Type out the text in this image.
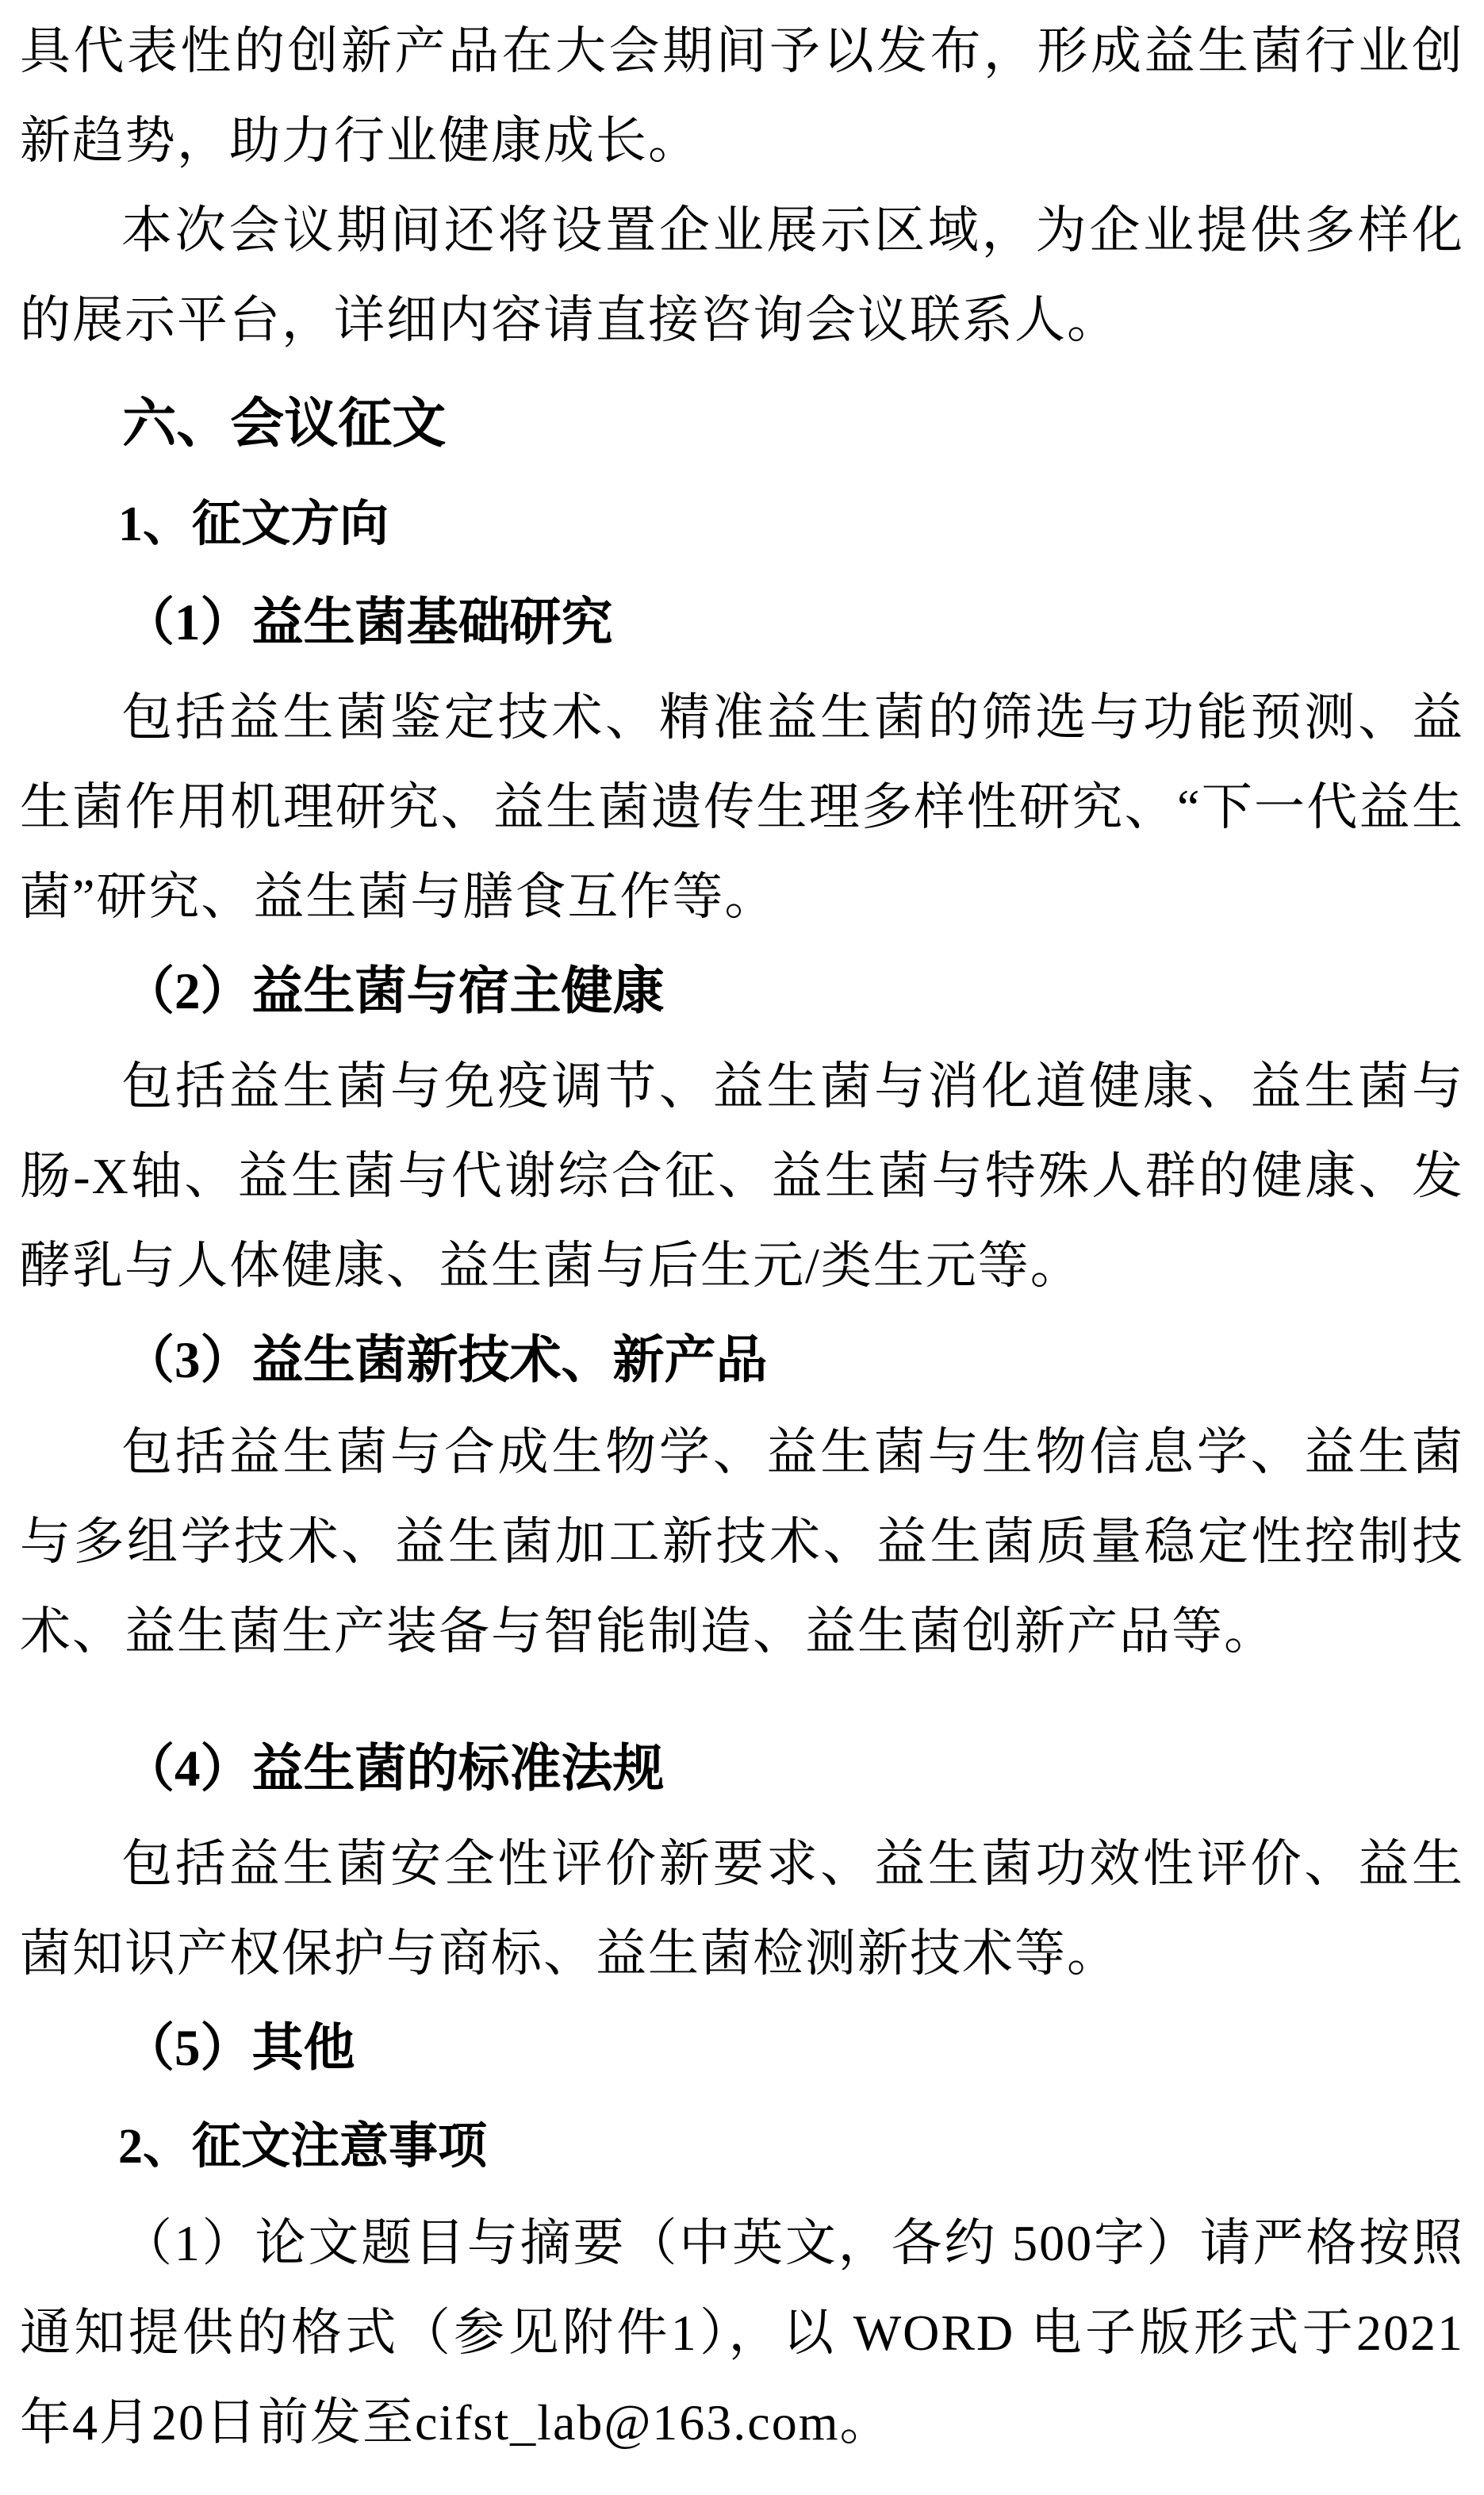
具代表性的创新产品在大会期间予以发布，形成益生菌行业创新趋势，助力行业健康成长。

本次会议期间还将设置企业展示区域，为企业提供多样化的展示平台，详细内容请直接咨询会议联系人。

六、会议征文
1、征文方向
（1）益生菌基础研究

包括益生菌鉴定技术、精准益生菌的筛选与功能预测、益生菌作用机理研究、益生菌遗传生理多样性研究、“下一代益生菌”研究、益生菌与膳食互作等。

（2）益生菌与宿主健康

包括益生菌与免疫调节、益生菌与消化道健康、益生菌与肠-X轴、益生菌与代谢综合征、益生菌与特殊人群的健康、发酵乳与人体健康、益生菌与后生元/类生元等。

（3）益生菌新技术、新产品

包括益生菌与合成生物学、益生菌与生物信息学、益生菌与多组学技术、益生菌加工新技术、益生菌质量稳定性控制技术、益生菌生产装备与智能制造、益生菌创新产品等。

（4）益生菌的标准法规

包括益生菌安全性评价新要求、益生菌功效性评价、益生菌知识产权保护与商标、益生菌检测新技术等。

（5）其他
2、征文注意事项

（1）论文题目与摘要（中英文，各约 500字）请严格按照通知提供的格式（参见附件1），以 WORD 电子版形式于2021年4月20日前发至cifst_lab@163.com。
